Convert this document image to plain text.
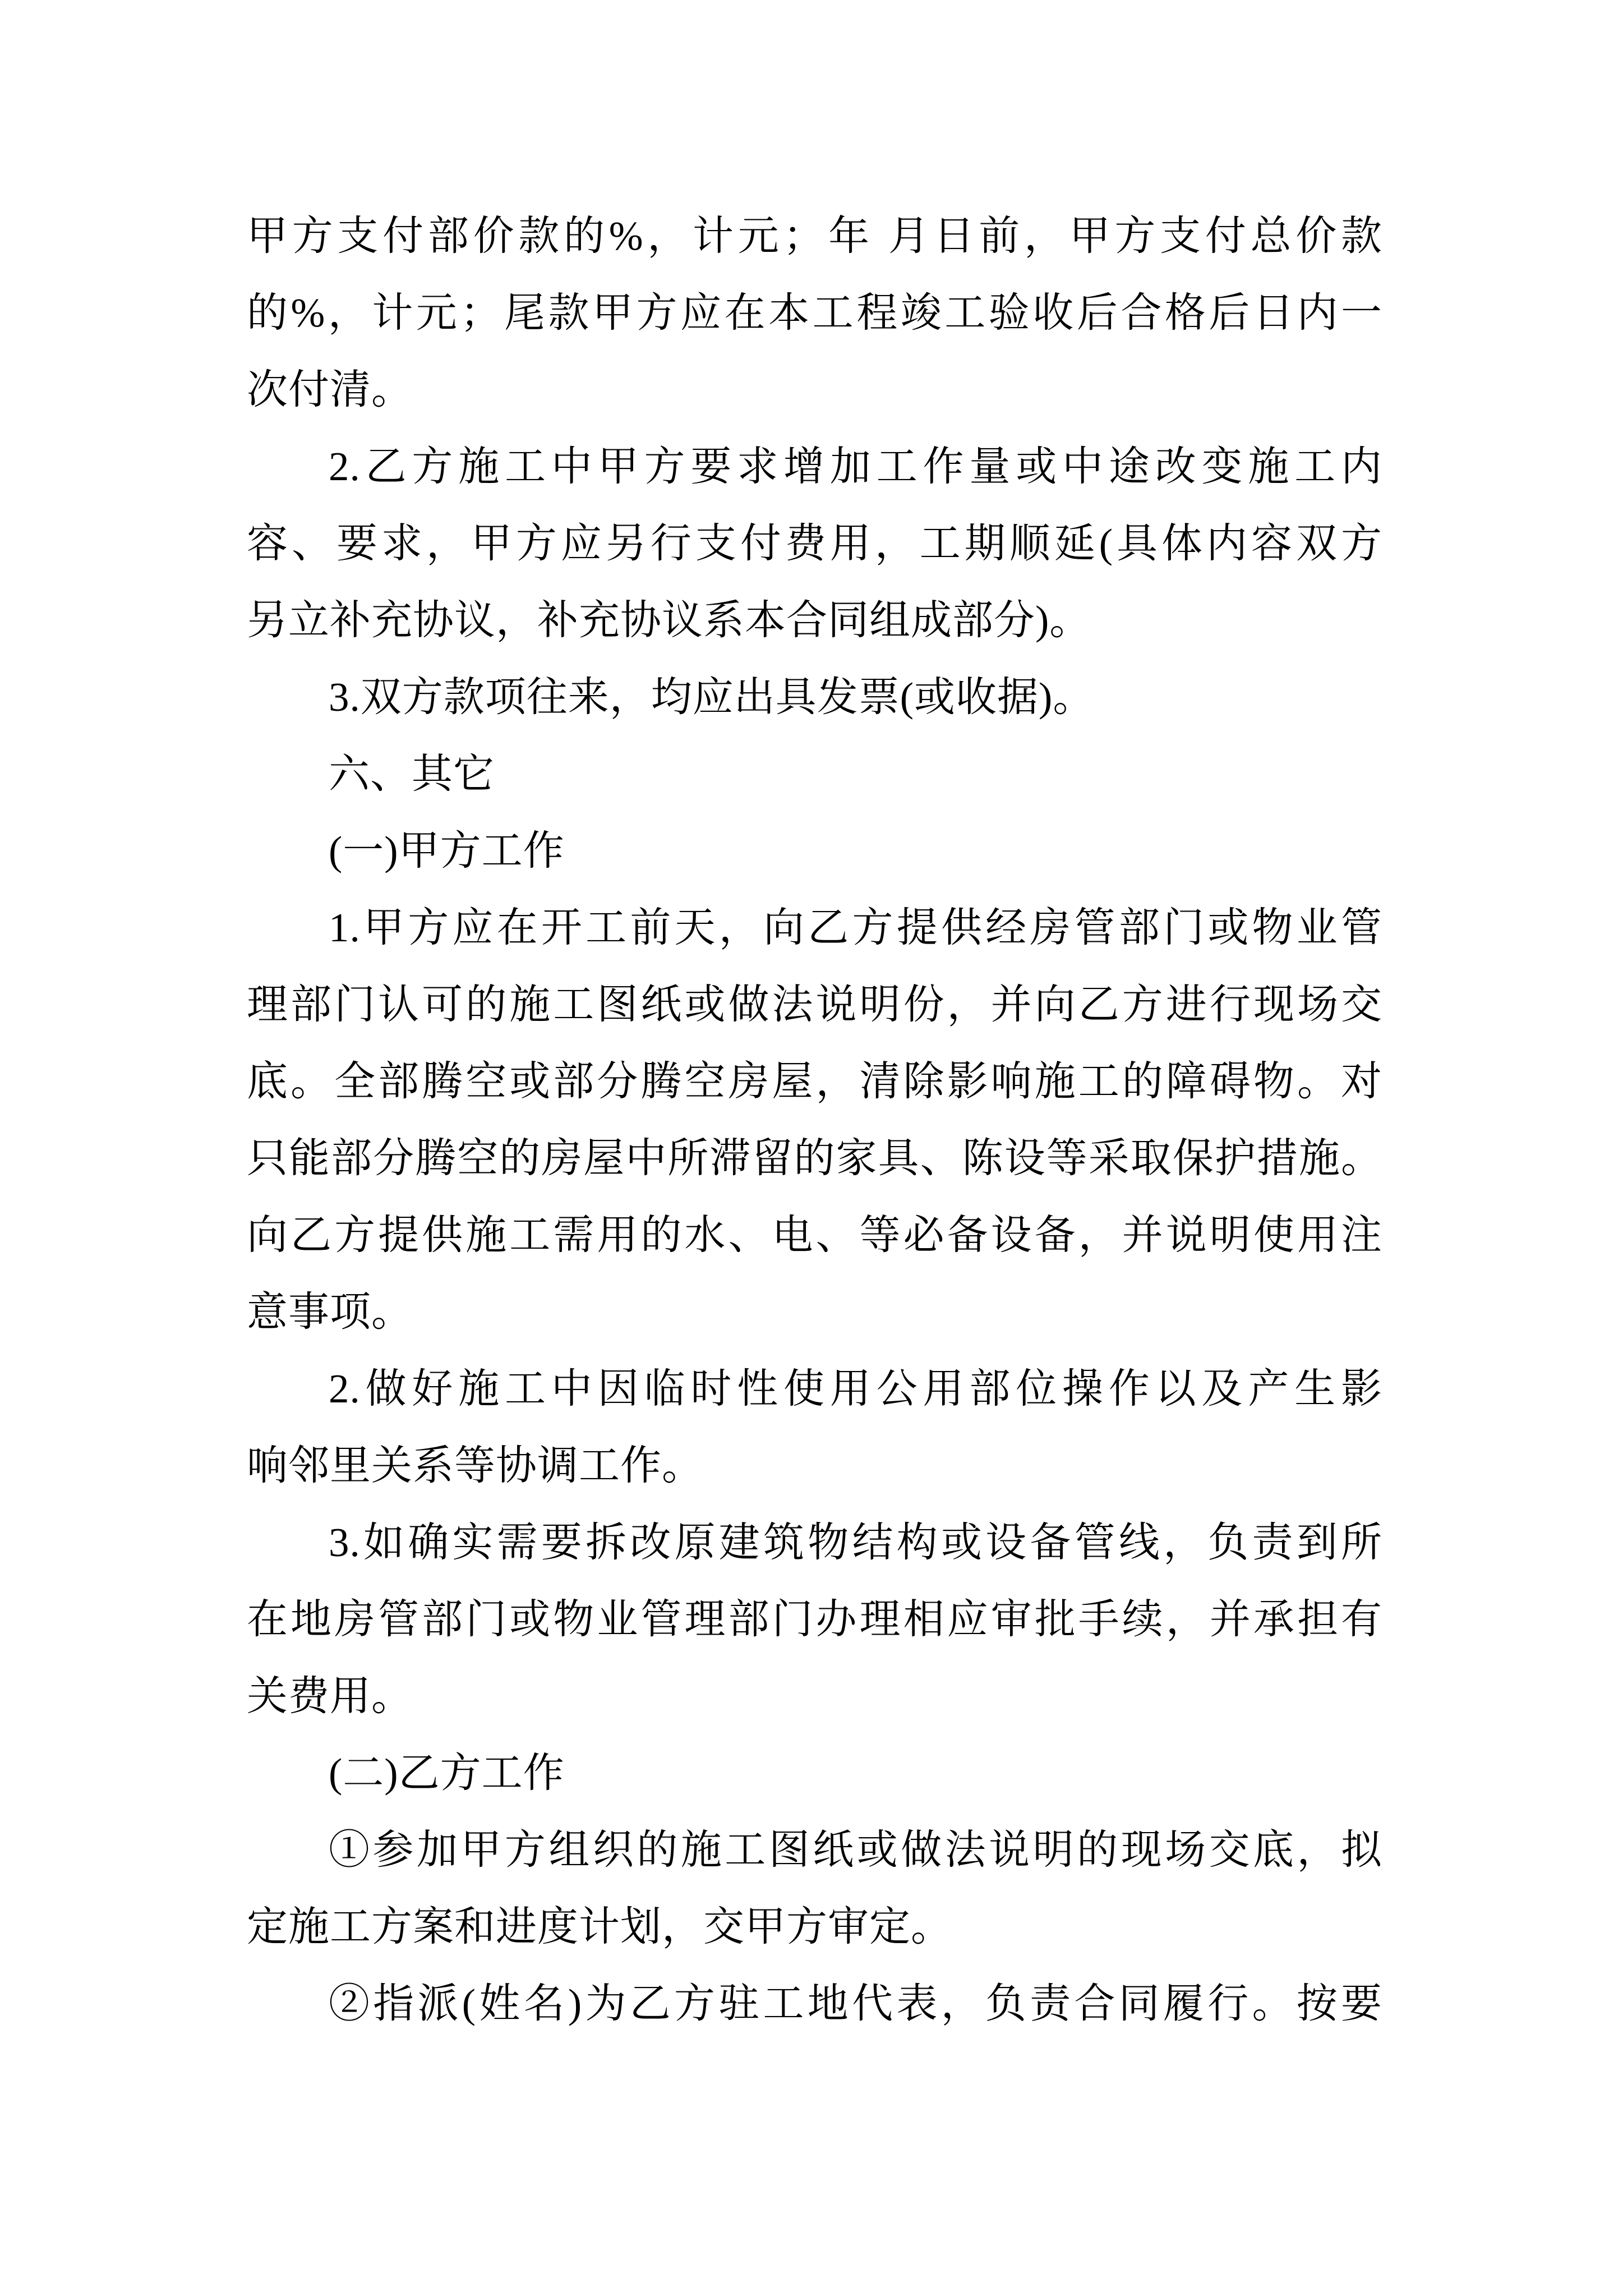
甲方支付部价款的%，计元；年 月日前，甲方支付总价款
的%，计元；尾款甲方应在本工程竣工验收后合格后日内一
次付清。
2.乙方施工中甲方要求增加工作量或中途改变施工内
容、要求，甲方应另行支付费用，工期顺延(具体内容双方
另立补充协议，补充协议系本合同组成部分)。
3.双方款项往来，均应出具发票(或收据)。
六、其它
(一)甲方工作
1.甲方应在开工前天，向乙方提供经房管部门或物业管
理部门认可的施工图纸或做法说明份，并向乙方进行现场交
底。全部腾空或部分腾空房屋，清除影响施工的障碍物。对
只能部分腾空的房屋中所滞留的家具、陈设等采取保护措施。
向乙方提供施工需用的水、电、等必备设备，并说明使用注
意事项。
2.做好施工中因临时性使用公用部位操作以及产生影
响邻里关系等协调工作。
3.如确实需要拆改原建筑物结构或设备管线，负责到所
在地房管部门或物业管理部门办理相应审批手续，并承担有
关费用。
(二)乙方工作
①参加甲方组织的施工图纸或做法说明的现场交底，拟
定施工方案和进度计划，交甲方审定。
②指派(姓名)为乙方驻工地代表，负责合同履行。按要
